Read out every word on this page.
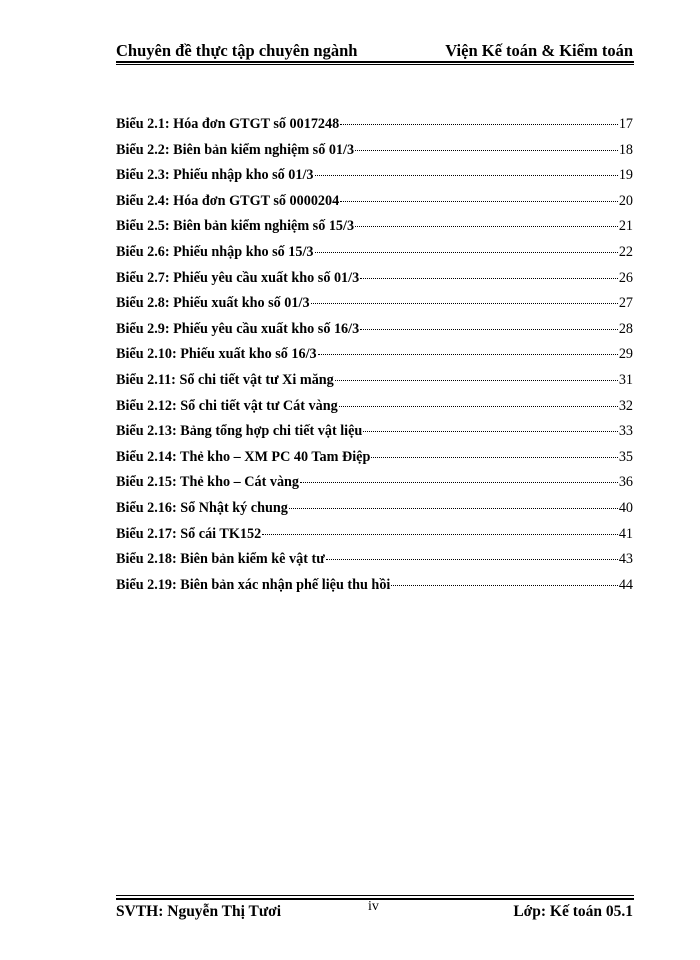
Chuyên đề thực tập chuyên ngành	Viện Kế toán & Kiểm toán
Biểu 2.1: Hóa đơn GTGT số 0017248	17
Biểu 2.2: Biên bản kiểm nghiệm số 01/3	18
Biểu 2.3: Phiếu nhập kho số 01/3	19
Biểu 2.4: Hóa đơn GTGT số 0000204	20
Biểu 2.5: Biên bản kiểm nghiệm số 15/3	21
Biểu 2.6: Phiếu nhập kho số 15/3	22
Biểu 2.7: Phiếu yêu cầu xuất kho số 01/3	26
Biểu 2.8: Phiếu xuất kho số 01/3	27
Biểu 2.9: Phiếu yêu cầu xuất kho số 16/3	28
Biểu 2.10: Phiếu xuất kho số 16/3	29
Biểu 2.11: Sổ chi tiết vật tư Xi măng	31
Biểu 2.12: Sổ chi tiết vật tư Cát vàng	32
Biểu 2.13: Bảng tổng hợp chi tiết vật liệu	33
Biểu 2.14: Thẻ kho – XM PC 40 Tam Điệp	35
Biểu 2.15: Thẻ kho – Cát vàng	36
Biểu 2.16: Sổ Nhật ký chung	40
Biểu 2.17: Sổ cái TK152	41
Biểu 2.18: Biên bản kiểm kê vật tư	43
Biểu 2.19: Biên bản xác nhận phế liệu thu hồi	44
SVTH: Nguyễn Thị Tươi	iv	Lớp: Kế toán 05.1
